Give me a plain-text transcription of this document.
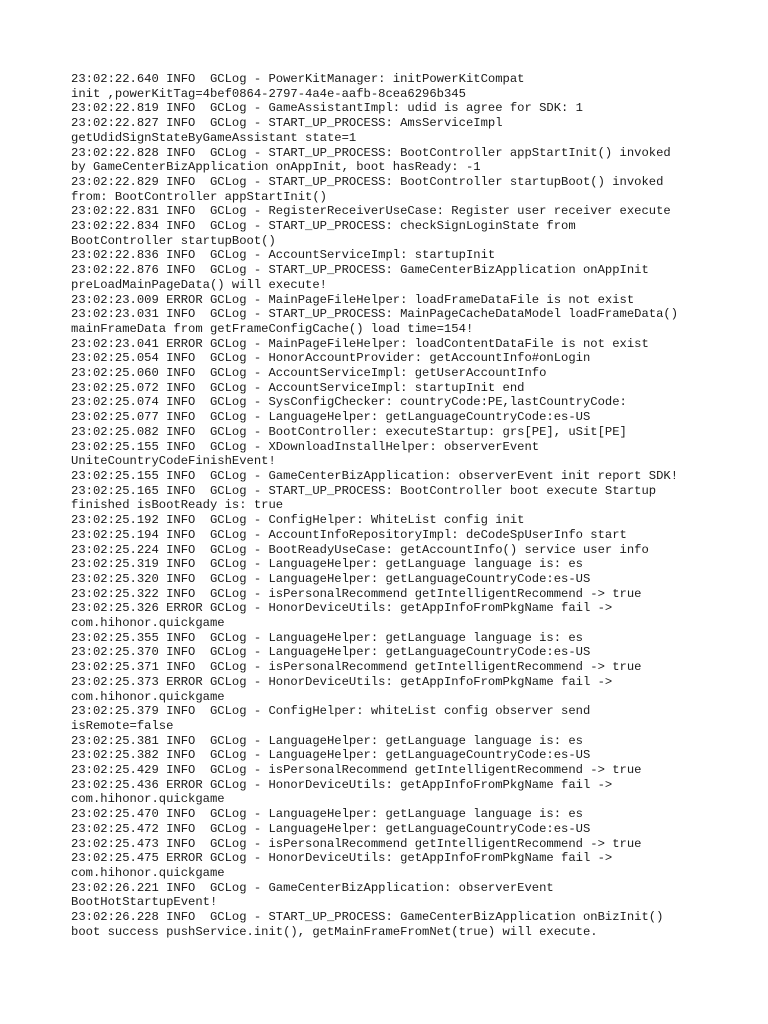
23:02:22.640 INFO  GCLog - PowerKitManager: initPowerKitCompat
init ,powerKitTag=4bef0864-2797-4a4e-aafb-8cea6296b345
23:02:22.819 INFO  GCLog - GameAssistantImpl: udid is agree for SDK: 1
23:02:22.827 INFO  GCLog - START_UP_PROCESS: AmsServiceImpl
getUdidSignStateByGameAssistant state=1
23:02:22.828 INFO  GCLog - START_UP_PROCESS: BootController appStartInit() invoked
by GameCenterBizApplication onAppInit, boot hasReady: -1
23:02:22.829 INFO  GCLog - START_UP_PROCESS: BootController startupBoot() invoked
from: BootController appStartInit()
23:02:22.831 INFO  GCLog - RegisterReceiverUseCase: Register user receiver execute
23:02:22.834 INFO  GCLog - START_UP_PROCESS: checkSignLoginState from
BootController startupBoot()
23:02:22.836 INFO  GCLog - AccountServiceImpl: startupInit
23:02:22.876 INFO  GCLog - START_UP_PROCESS: GameCenterBizApplication onAppInit
preLoadMainPageData() will execute!
23:02:23.009 ERROR GCLog - MainPageFileHelper: loadFrameDataFile is not exist
23:02:23.031 INFO  GCLog - START_UP_PROCESS: MainPageCacheDataModel loadFrameData()
mainFrameData from getFrameConfigCache() load time=154!
23:02:23.041 ERROR GCLog - MainPageFileHelper: loadContentDataFile is not exist
23:02:25.054 INFO  GCLog - HonorAccountProvider: getAccountInfo#onLogin
23:02:25.060 INFO  GCLog - AccountServiceImpl: getUserAccountInfo
23:02:25.072 INFO  GCLog - AccountServiceImpl: startupInit end
23:02:25.074 INFO  GCLog - SysConfigChecker: countryCode:PE,lastCountryCode:
23:02:25.077 INFO  GCLog - LanguageHelper: getLanguageCountryCode:es-US
23:02:25.082 INFO  GCLog - BootController: executeStartup: grs[PE], uSit[PE]
23:02:25.155 INFO  GCLog - XDownloadInstallHelper: observerEvent
UniteCountryCodeFinishEvent!
23:02:25.155 INFO  GCLog - GameCenterBizApplication: observerEvent init report SDK!
23:02:25.165 INFO  GCLog - START_UP_PROCESS: BootController boot execute Startup
finished isBootReady is: true
23:02:25.192 INFO  GCLog - ConfigHelper: WhiteList config init
23:02:25.194 INFO  GCLog - AccountInfoRepositoryImpl: deCodeSpUserInfo start
23:02:25.224 INFO  GCLog - BootReadyUseCase: getAccountInfo() service user info
23:02:25.319 INFO  GCLog - LanguageHelper: getLanguage language is: es
23:02:25.320 INFO  GCLog - LanguageHelper: getLanguageCountryCode:es-US
23:02:25.322 INFO  GCLog - isPersonalRecommend getIntelligentRecommend -> true
23:02:25.326 ERROR GCLog - HonorDeviceUtils: getAppInfoFromPkgName fail ->
com.hihonor.quickgame
23:02:25.355 INFO  GCLog - LanguageHelper: getLanguage language is: es
23:02:25.370 INFO  GCLog - LanguageHelper: getLanguageCountryCode:es-US
23:02:25.371 INFO  GCLog - isPersonalRecommend getIntelligentRecommend -> true
23:02:25.373 ERROR GCLog - HonorDeviceUtils: getAppInfoFromPkgName fail ->
com.hihonor.quickgame
23:02:25.379 INFO  GCLog - ConfigHelper: whiteList config observer send
isRemote=false
23:02:25.381 INFO  GCLog - LanguageHelper: getLanguage language is: es
23:02:25.382 INFO  GCLog - LanguageHelper: getLanguageCountryCode:es-US
23:02:25.429 INFO  GCLog - isPersonalRecommend getIntelligentRecommend -> true
23:02:25.436 ERROR GCLog - HonorDeviceUtils: getAppInfoFromPkgName fail ->
com.hihonor.quickgame
23:02:25.470 INFO  GCLog - LanguageHelper: getLanguage language is: es
23:02:25.472 INFO  GCLog - LanguageHelper: getLanguageCountryCode:es-US
23:02:25.473 INFO  GCLog - isPersonalRecommend getIntelligentRecommend -> true
23:02:25.475 ERROR GCLog - HonorDeviceUtils: getAppInfoFromPkgName fail ->
com.hihonor.quickgame
23:02:26.221 INFO  GCLog - GameCenterBizApplication: observerEvent
BootHotStartupEvent!
23:02:26.228 INFO  GCLog - START_UP_PROCESS: GameCenterBizApplication onBizInit()
boot success pushService.init(), getMainFrameFromNet(true) will execute.
